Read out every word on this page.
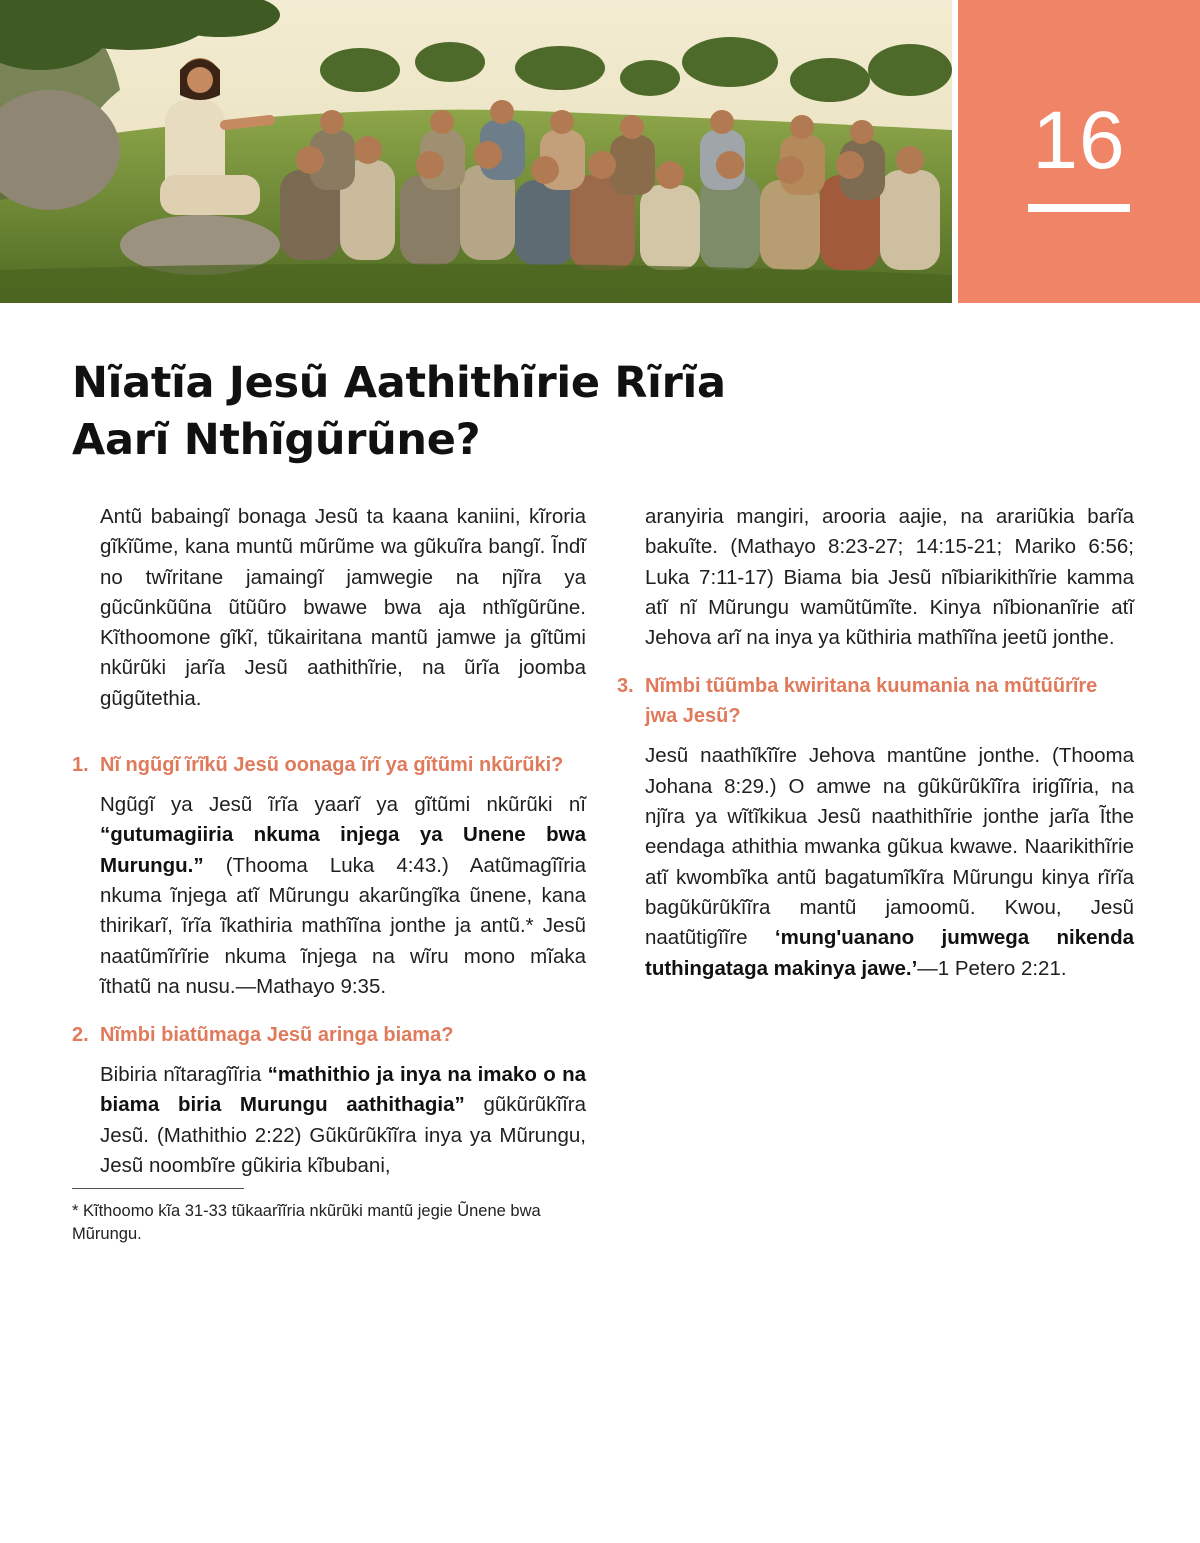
16
Nĩatĩa Jesũ Aathithĩrie Rĩrĩa
Aarĩ Nthĩgũrũne?

Antũ babaingĩ bonaga Jesũ ta kaana kaniini, kĩroria gĩkĩũme, kana muntũ mũrũme wa gũkuĩra bangĩ. Ĩndĩ no twĩritane jamaingĩ jamwegie na njĩra ya gũcũnkũũna ũtũũro bwawe bwa aja nthĩgũrũne. Kĩthoomone gĩkĩ, tũkairitana mantũ jamwe ja gĩtũmi nkũrũki jarĩa Jesũ aathithĩrie, na ũrĩa joomba gũgũtethia.

1. Nĩ ngũgĩ ĩrĩkũ Jesũ oonaga ĩrĩ ya gĩtũmi nkũrũki?

Ngũgĩ ya Jesũ ĩrĩa yaarĩ ya gĩtũmi nkũrũki nĩ “gutumagiiria nkuma injega ya Unene bwa Murungu.” (Thooma Luka 4:43.) Aatũmagĩĩria nkuma ĩnjega atĩ Mũrungu akarũngĩka ũnene, kana thirikarĩ, ĩrĩa ĩkathiria mathĩĩna jonthe ja antũ.* Jesũ naatũmĩrĩrie nkuma ĩnjega na wĩru mono mĩaka ĩthatũ na nusu.—Mathayo 9:35.

2. Nĩmbi biatũmaga Jesũ aringa biama?

Bibiria nĩtaragĩĩria “mathithio ja inya na imako o na biama biria Murungu aathithagia” gũkũrũkĩĩra Jesũ. (Mathithio 2:22) Gũkũrũkĩĩra inya ya Mũrungu, Jesũ noombĩre gũkiria kĩbubani,

aranyiria mangiri, arooria aajie, na arariũkia barĩa bakuĩte. (Mathayo 8:23-27; 14:15-21; Mariko 6:56; Luka 7:11-17) Biama bia Jesũ nĩbiarikithĩrie kamma atĩ nĩ Mũrungu wamũtũmĩte. Kinya nĩbionanĩrie atĩ Jehova arĩ na inya ya kũthiria mathĩĩna jeetũ jonthe.

3. Nĩmbi tũũmba kwiritana kuumania na mũtũũrĩre jwa Jesũ?

Jesũ naathĩkĩĩre Jehova mantũne jonthe. (Thooma Johana 8:29.) O amwe na gũkũrũkĩĩra irigĩĩria, na njĩra ya wĩtĩkikua Jesũ naathithĩrie jonthe jarĩa Ĩthe eendaga athithia mwanka gũkua kwawe. Naarikithĩrie atĩ kwombĩka antũ bagatumĩkĩra Mũrungu kinya rĩrĩa bagũkũrũkĩĩra mantũ jamoomũ. Kwou, Jesũ naatũtigĩĩre ‘mung'uanano jumwega nikenda tuthingataga makinya jawe.’—1 Petero 2:21.

* Kĩthoomo kĩa 31-33 tũkaarĩĩria nkũrũki mantũ jegie Ũnene bwa Mũrungu.
